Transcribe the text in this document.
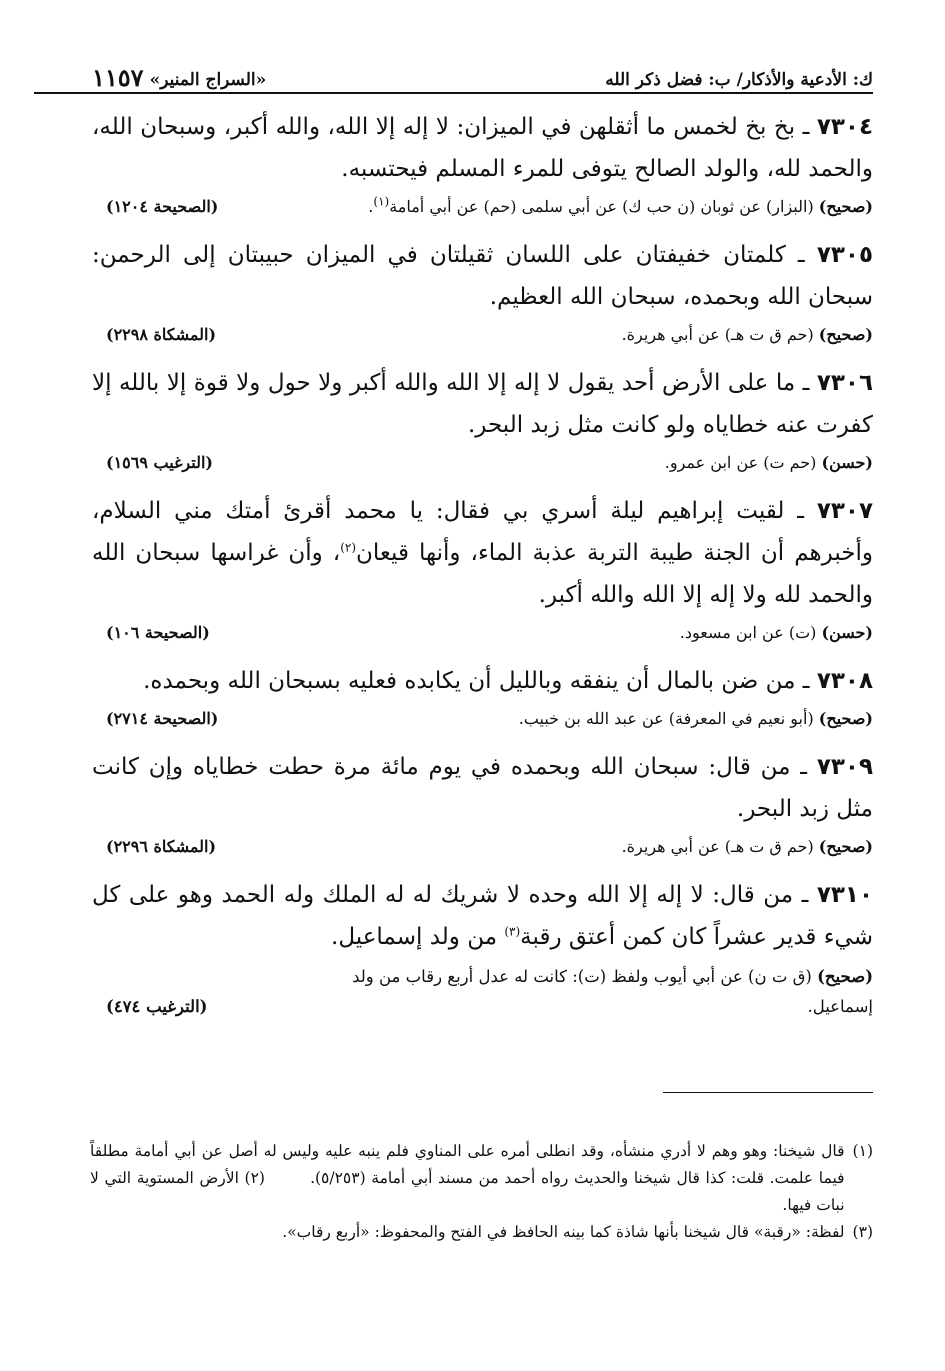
ك: الأدعية والأذكار/ ب: فضل ذكر الله
«السراج المنير»
١١٥٧
٧٣٠٤ ـ بخ بخ لخمس ما أثقلهن في الميزان: لا إله إلا الله، والله أكبر، وسبحان الله، والحمد لله، والولد الصالح يتوفى للمرء المسلم فيحتسبه.
(صحيح) (البزار) عن ثوبان (ن حب ك) عن أبي سلمى (حم) عن أبي أمامة$^{(١)}$.
(الصحيحة ١٢٠٤)
٧٣٠٥ ـ كلمتان خفيفتان على اللسان ثقيلتان في الميزان حبيبتان إلى الرحمن: سبحان الله وبحمده، سبحان الله العظيم.
(صحيح) (حم ق ت هـ) عن أبي هريرة.
(المشكاة ٢٢٩٨)
٧٣٠٦ ـ ما على الأرض أحد يقول لا إله إلا الله والله أكبر ولا حول ولا قوة إلا بالله إلا كفرت عنه خطاياه ولو كانت مثل زبد البحر.
(حسن) (حم ت) عن ابن عمرو.
(الترغيب ١٥٦٩)
٧٣٠٧ ـ لقيت إبراهيم ليلة أسري بي فقال: يا محمد أقرئ أمتك مني السلام، وأخبرهم أن الجنة طيبة التربة عذبة الماء، وأنها قيعان$^{(٢)}$، وأن غراسها سبحان الله والحمد لله ولا إله إلا الله والله أكبر.
(حسن) (ت) عن ابن مسعود.
(الصحيحة ١٠٦)
٧٣٠٨ ـ من ضن بالمال أن ينفقه وبالليل أن يكابده فعليه بسبحان الله وبحمده.
(صحيح) (أبو نعيم في المعرفة) عن عبد الله بن خبيب.
(الصحيحة ٢٧١٤)
٧٣٠٩ ـ من قال: سبحان الله وبحمده في يوم مائة مرة حطت خطاياه وإن كانت مثل زبد البحر.
(صحيح) (حم ق ت هـ) عن أبي هريرة.
(المشكاة ٢٢٩٦)
٧٣١٠ ـ من قال: لا إله إلا الله وحده لا شريك له له الملك وله الحمد وهو على كل شيء قدير عشراً كان كمن أعتق رقبة$^{(٣)}$ من ولد إسماعيل.
(صحيح) (ق ت ن) عن أبي أيوب ولفظ (ت): كانت له عدل أربع رقاب من ولد
إسماعيل.
(الترغيب ٤٧٤)
(١)
قال شيخنا: وهو وهم لا أدري منشأه، وقد انطلى أمره على المناوي فلم ينبه عليه وليس له أصل عن أبي أمامة مطلقاً فيما علمت. قلت: كذا قال شيخنا والحديث رواه أحمد من مسند أبي أمامة (٥/٢٥٣).        (٢) الأرض المستوية التي لا نبات فيها.
(٣)
لفظة: «رقبة» قال شيخنا بأنها شاذة كما بينه الحافظ في الفتح والمحفوظ: «أربع رقاب».
